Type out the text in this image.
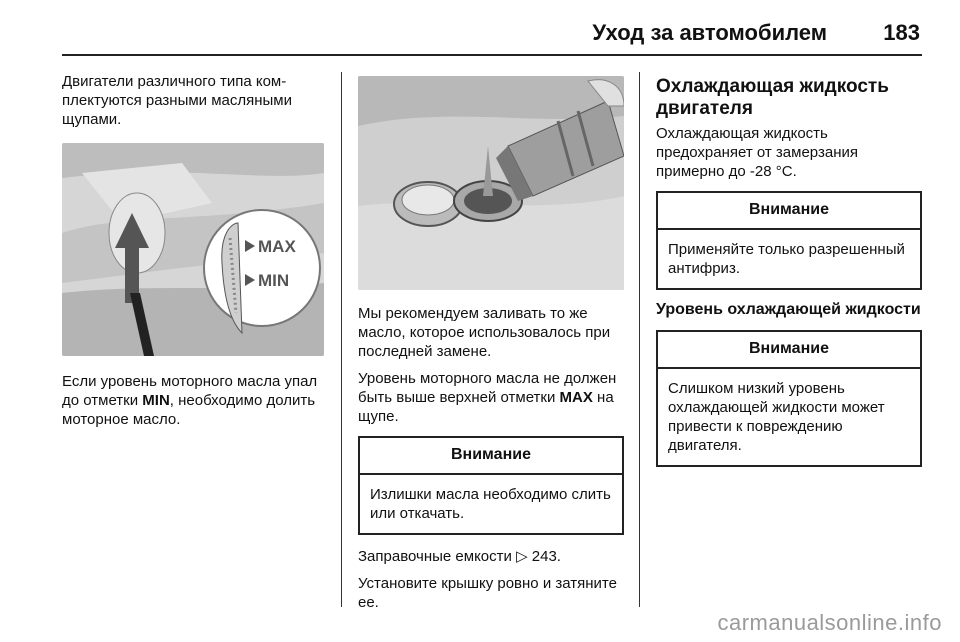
Уход за автомобилем	183

Двигатели различного типа ком-
плектуются разными масляными
щупами.

MAX
MIN

Если уровень моторного масла упал до отметки MIN, необходимо долить моторное масло.

Мы рекомендуем заливать то же масло, которое использовалось при последней замене.

Уровень моторного масла не должен быть выше верхней отметки MAX на щупе.

Внимание

Излишки масла необходимо слить или откачать.

Заправочные емкости ▷ 243.

Установите крышку ровно и затяните ее.

Охлаждающая жидкость двигателя

Охлаждающая жидкость предохраняет от замерзания примерно до -28 °C.

Внимание

Применяйте только разрешенный антифриз.

Уровень охлаждающей жидкости
Внимание

Слишком низкий уровень охлаждающей жидкости может привести к повреждению двигателя.

carmanualsonline.info
